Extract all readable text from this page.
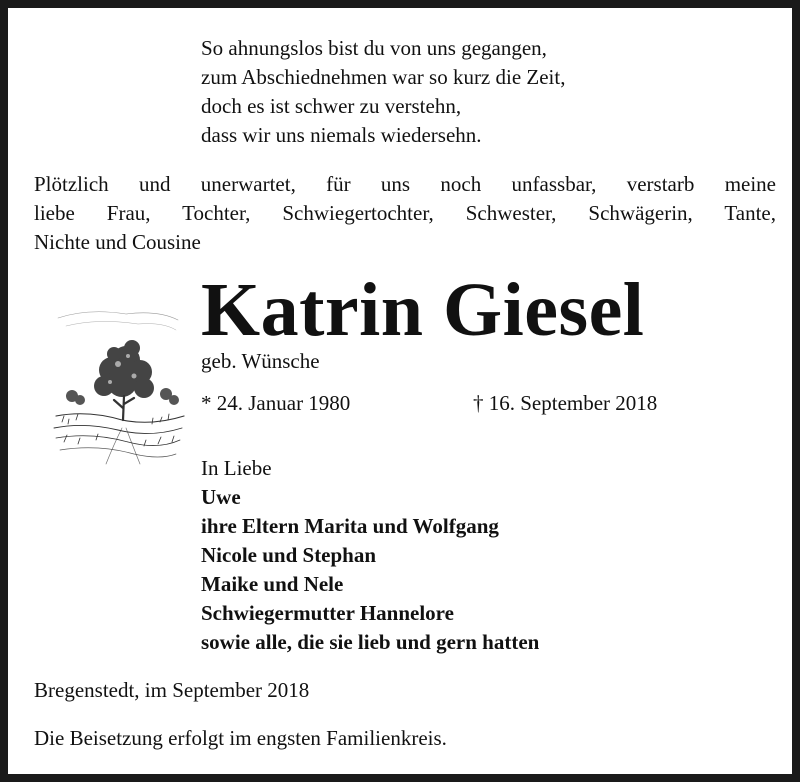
So ahnungslos bist du von uns gegangen,
zum Abschiednehmen war so kurz die Zeit,
doch es ist schwer zu verstehn,
dass wir uns niemals wiedersehn.
Plötzlich und unerwartet, für uns noch unfassbar, verstarb meine
liebe Frau, Tochter, Schwiegertochter, Schwester, Schwägerin, Tante,
Nichte und Cousine
Katrin Giesel
geb. Wünsche
* 24. Januar 1980	† 16. September 2018
In Liebe
Uwe
ihre Eltern Marita und Wolfgang
Nicole und Stephan
Maike und Nele
Schwiegermutter Hannelore
sowie alle, die sie lieb und gern hatten
Bregenstedt, im September 2018
Die Beisetzung erfolgt im engsten Familienkreis.
